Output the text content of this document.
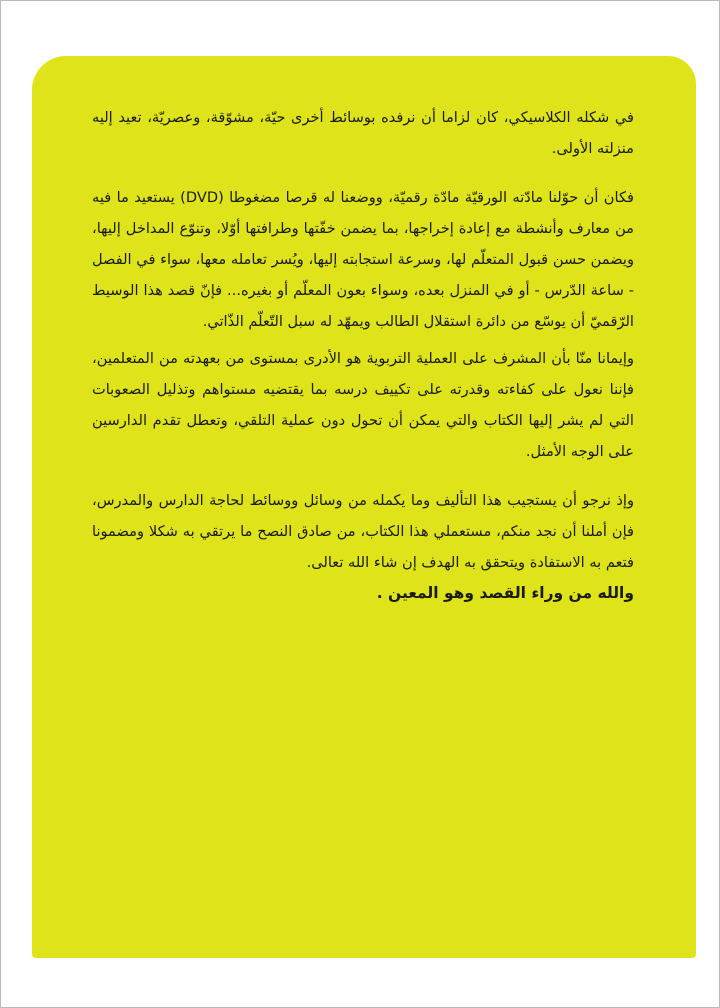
في شكله الكلاسيكي، كان لزاما أن نرفده بوسائط أخرى حيّة، مشوّقة، وعصريّة، تعيد إليه منزلته الأولى.

فكان أن حوّلنا مادّته الورقيّة مادّة رقميّة، ووضعنا له قرصا مضغوطا (DVD) يستعيد ما فيه من معارف وأنشطة مع إعادة إخراجها، بما يضمن خفّتها وطرافتها أوّلا، وتنوّع المداخل إليها، ويضمن حسن قبول المتعلّم لها، وسرعة استجابته إليها، ويُسر تعامله معها، سواء في الفصل - ساعة الدّرس - أو في المنزل بعده، وسواء بعون المعلّم أو بغيره... فإنّ قصد هذا الوسيط الرّقميّ أن يوسّع من دائرة استقلال الطالب ويمهّد له سبل التّعلّم الذّاتي.

وإيمانا منّا بأن المشرف على العملية التربوية هو الأدرى بمستوى من بعهدته من المتعلمين، فإننا نعول على كفاءته وقدرته على تكييف درسه بما يقتضيه مستواهم وتذليل الصعوبات التي لم يشر إليها الكتاب والتي يمكن أن تحول دون عملية التلقي، وتعطل تقدم الدارسين على الوجه الأمثل.

وإذ نرجو أن يستجيب هذا التأليف وما يكمله من وسائل ووسائط لحاجة الدارس والمدرس، فإن أملنا أن نجد منكم، مستعملي هذا الكتاب، من صادق النصح ما يرتقي به شكلا ومضمونا فتعم به الاستفادة ويتحقق به الهدف إن شاء الله تعالى.

والله من وراء القصد وهو المعين .
